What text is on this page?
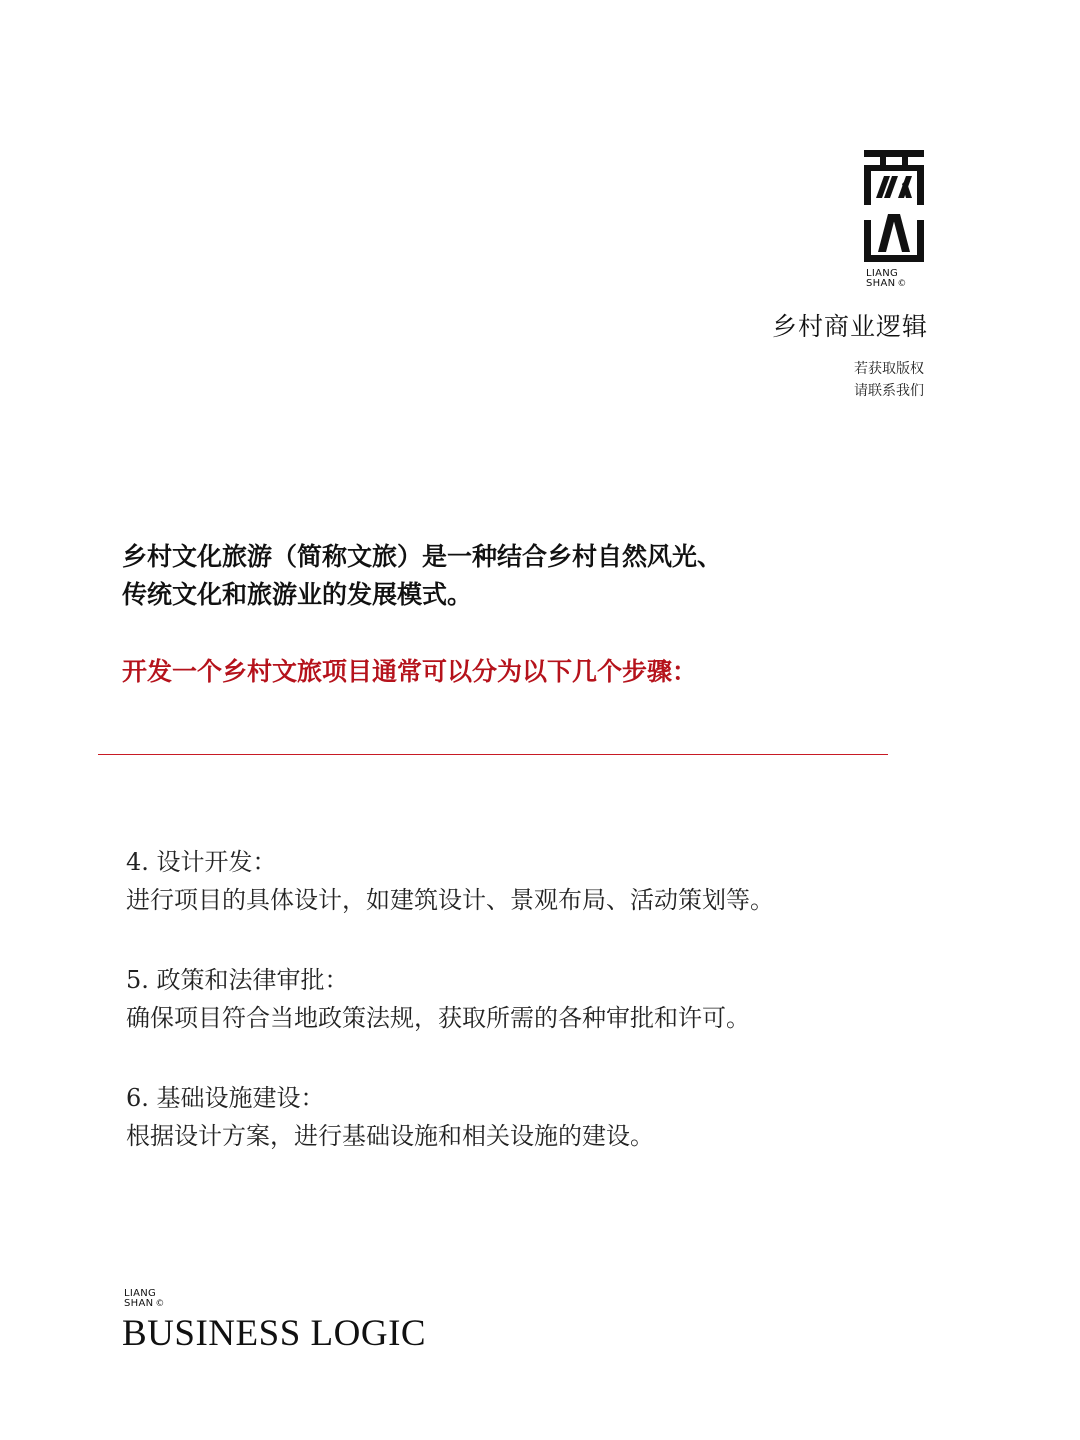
LIANG
SHAN ©
乡村商业逻辑
若获取版权
请联系我们
乡村文化旅游（简称文旅）是一种结合乡村自然风光、
传统文化和旅游业的发展模式。
开发一个乡村文旅项目通常可以分为以下几个步骤：
4. 设计开发：
进行项目的具体设计，如建筑设计、景观布局、活动策划等。
5. 政策和法律审批：
确保项目符合当地政策法规，获取所需的各种审批和许可。
6. 基础设施建设：
根据设计方案，进行基础设施和相关设施的建设。
LIANG
SHAN ©
BUSINESS LOGIC
